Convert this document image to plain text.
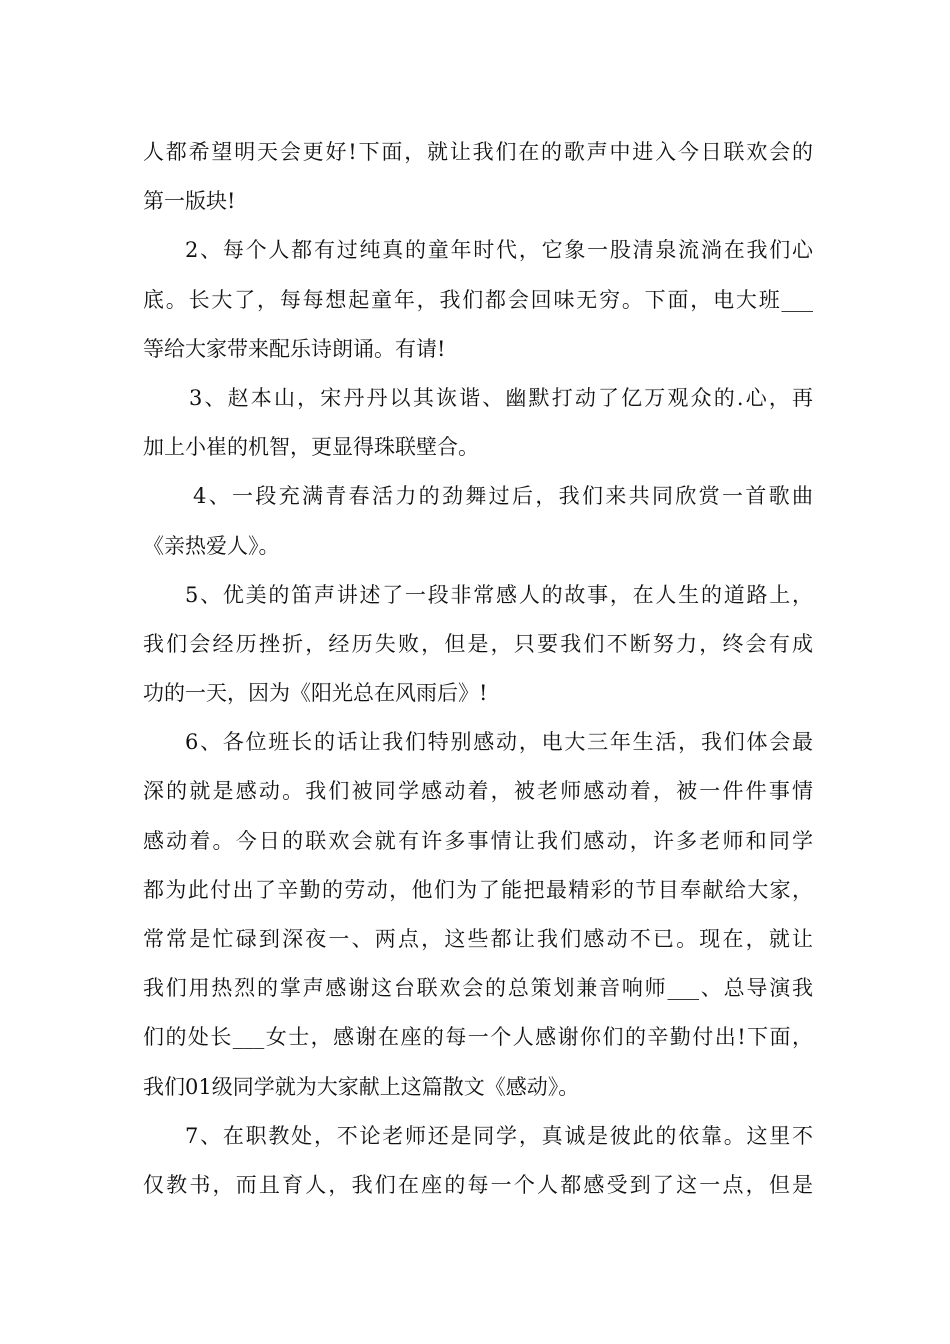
人都希望明天会更好!下面，就让我们在的歌声中进入今日联欢会的
第一版块!
2、每个人都有过纯真的童年时代，它象一股清泉流淌在我们心
底。长大了，每每想起童年，我们都会回味无穷。下面，电大班___
等给大家带来配乐诗朗诵。有请!
3、赵本山，宋丹丹以其诙谐、幽默打动了亿万观众的.心，再
加上小崔的机智，更显得珠联壁合。
4、一段充满青春活力的劲舞过后，我们来共同欣赏一首歌曲
《亲热爱人》。
5、优美的笛声讲述了一段非常感人的故事，在人生的道路上，
我们会经历挫折，经历失败，但是，只要我们不断努力，终会有成
功的一天，因为《阳光总在风雨后》!
6、各位班长的话让我们特别感动，电大三年生活，我们体会最
深的就是感动。我们被同学感动着，被老师感动着，被一件件事情
感动着。今日的联欢会就有许多事情让我们感动，许多老师和同学
都为此付出了辛勤的劳动，他们为了能把最精彩的节目奉献给大家，
常常是忙碌到深夜一、两点，这些都让我们感动不已。现在，就让
我们用热烈的掌声感谢这台联欢会的总策划兼音响师___、总导演我
们的处长___女士，感谢在座的每一个人感谢你们的辛勤付出!下面，
我们01级同学就为大家献上这篇散文《感动》。
7、在职教处，不论老师还是同学，真诚是彼此的依靠。这里不
仅教书，而且育人，我们在座的每一个人都感受到了这一点，但是
